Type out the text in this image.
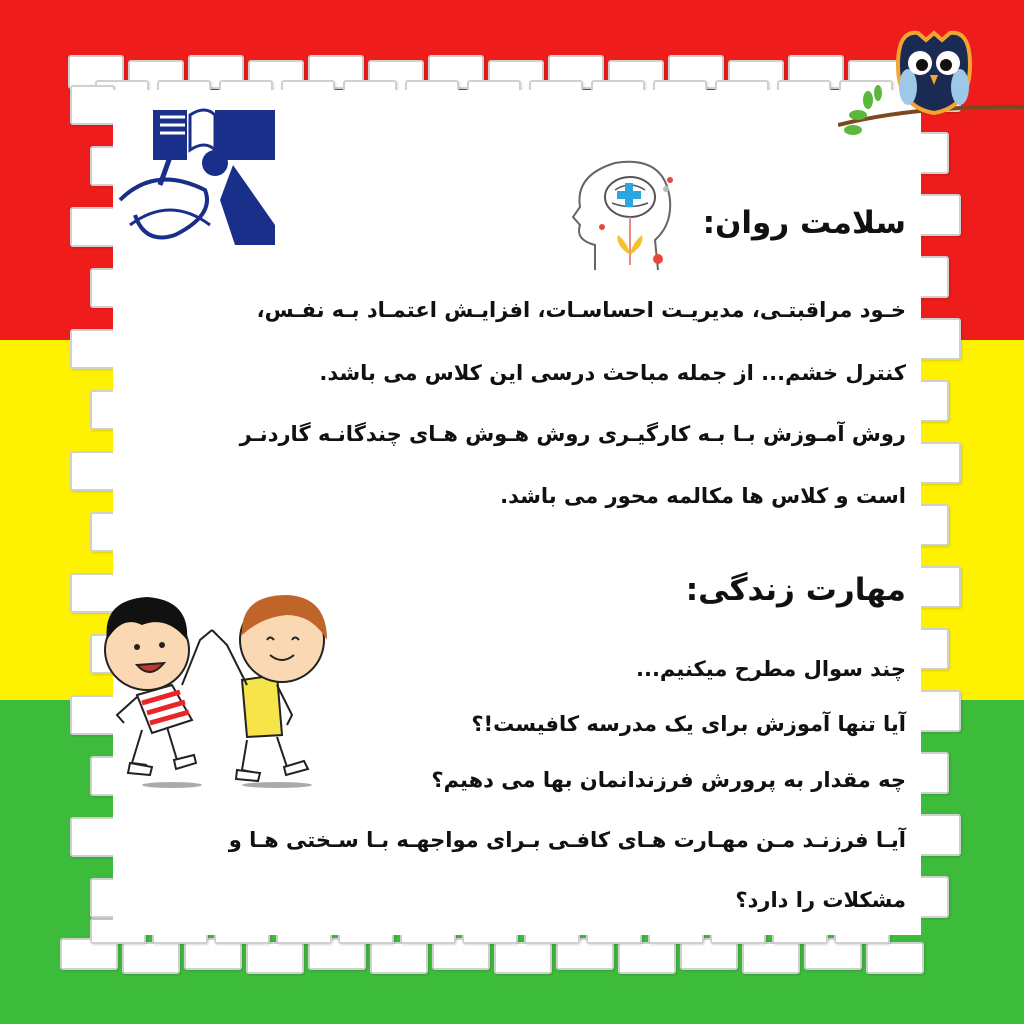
سلامت روان:
خـود مراقبتـی، مدیریـت احساسـات، افزایـش اعتمـاد بـه نفـس،
کنترل خشم... از جمله مباحث درسی این کلاس می باشد.
روش آمـوزش بـا بـه کارگیـری روش هـوش هـای چندگانـه گاردنـر
است و کلاس ها مکالمه محور می باشد.
مهارت زندگی:
چند سوال مطرح میکنیم...
آیا تنها آموزش برای یک مدرسه کافیست!؟
چه مقدار به پرورش فرزندانمان بها می دهیم؟
آیـا فرزنـد مـن مهـارت هـای کافـی بـرای مواجهـه بـا سـختی هـا و
مشکلات را دارد؟
